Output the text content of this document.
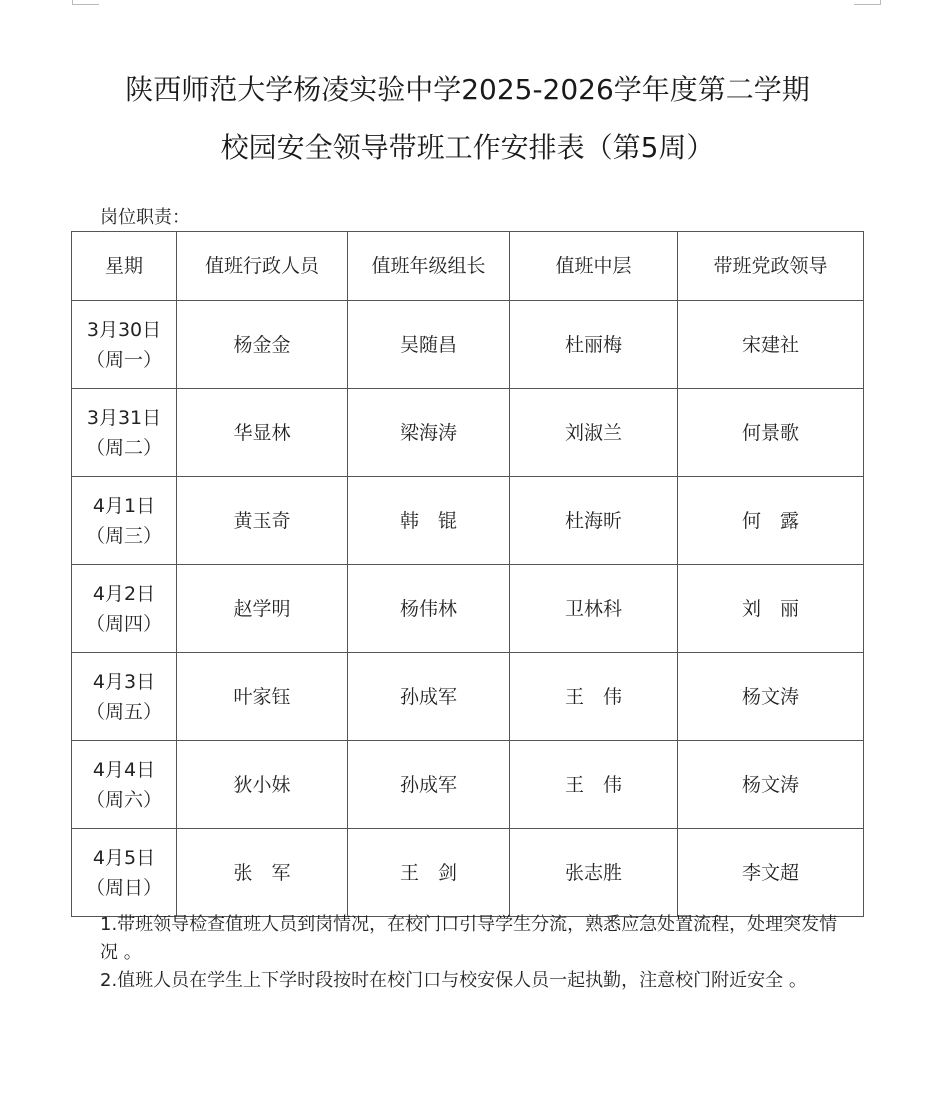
陕西师范大学杨凌实验中学2025-2026学年度第二学期
校园安全领导带班工作安排表（第5周）
岗位职责：
星期	值班行政人员	值班年级组长	值班中层	带班党政领导

3月30日
（周一）	杨金金	吴随昌	杜丽梅	宋建社

3月31日
（周二）	华显林	梁海涛	刘淑兰	何景歌

4月1日
（周三）	黄玉奇	韩　锟	杜海昕	何　露

4月2日
（周四）	赵学明	杨伟林	卫林科	刘　丽

4月3日
（周五）	叶家钰	孙成军	王　伟	杨文涛

4月4日
（周六）	狄小妹	孙成军	王　伟	杨文涛

4月5日
（周日）	张　军	王　剑	张志胜	李文超
1.带班领导检查值班人员到岗情况，在校门口引导学生分流，熟悉应急处置流程，处理突发情况 。
2.值班人员在学生上下学时段按时在校门口与校安保人员一起执勤，注意校门附近安全 。
